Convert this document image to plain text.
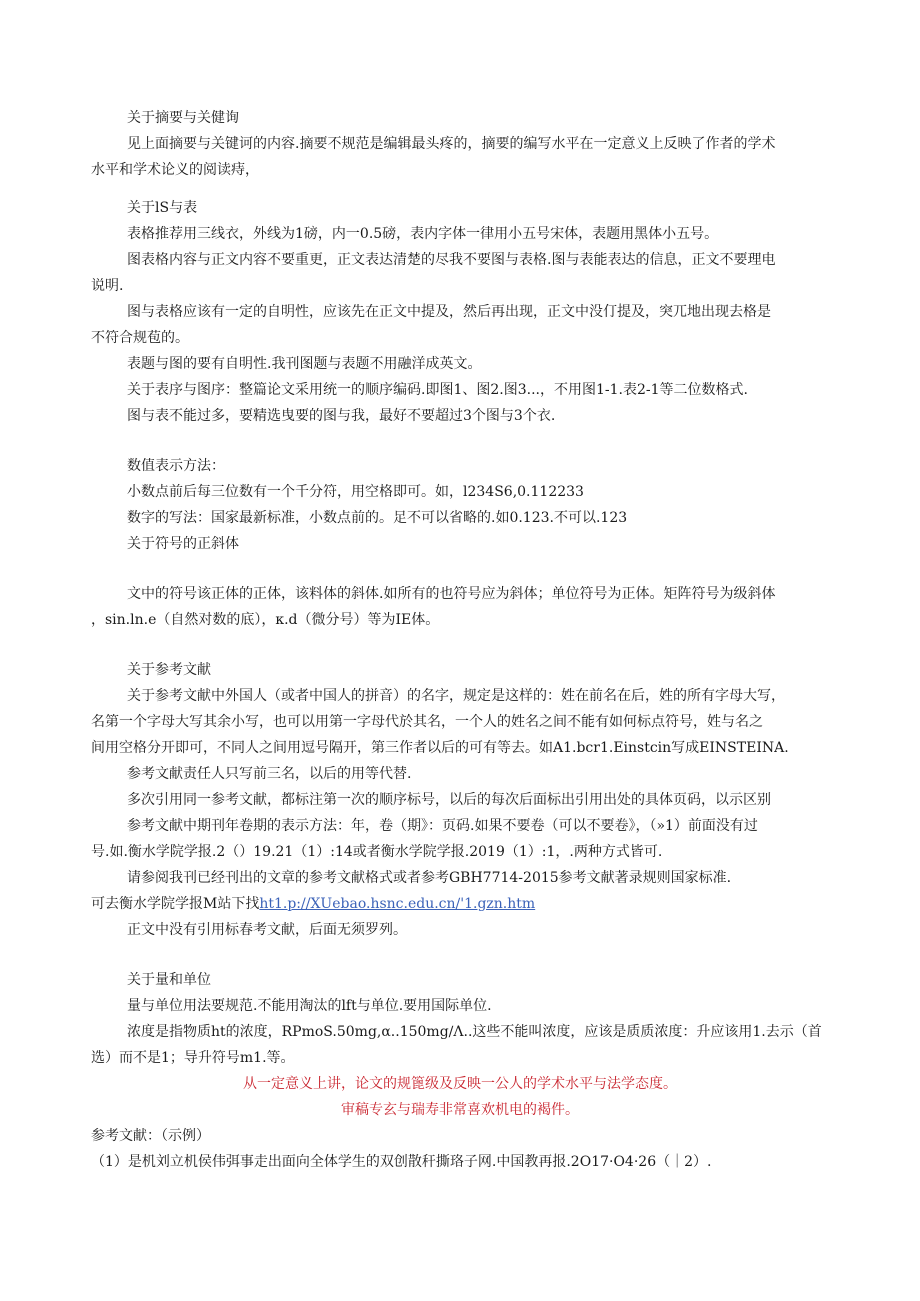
关于摘要与关健询
见上面摘要与关键诃的内容.摘要不规范是编辑最头疼的，摘要的编写水平在一定意义上反映了作者的学术
水平和学术论义的阅读痔，
关于lS与表
表格推荐用三线衣，外线为1磅，内一0.5磅，表内字体一律用小五号宋体，表题用黑体小五号。
图表格内容与正文内容不要重更，正文表达清楚的尽我不要图与表格.图与表能表达的信息，正文不要理电
说明.
图与表格应该有一定的自明性，应该先在正文中提及，然后再出现，正文中没仃提及，突兀地出现去格是
不符合规苞的。
表题与图的要有自明性.我刊图题与表题不用融洋成英文。
关于表序与图序：整篇论文采用统一的顺序编码.即图1、图2.图3...，不用图1-1.表2-1等二位数格式.
图与表不能过多，要精选曳要的图与我，最好不要超过3个图与3个衣.
数值表示方法：
小数点前后每三位数有一个千分符，用空格即可。如，l234S6,0.112233
数字的写法：国家最新标准，小数点前的。足不可以省略的.如0.123.不可以.123
关于符号的正斜体
文中的符号该正体的正体，该料体的斜体.如所有的也符号应为斜体；单位符号为正体。矩阵符号为级斜体
，sin.ln.e（自然对数的底），κ.d（微分号）等为IE体。
关于参考文献
关于参考文献中外国人（或者中国人的拼音）的名字，规定是这样的：姓在前名在后，姓的所有字母大写，
名第一个字母大写其余小写，也可以用第一字母代於其名，一个人的姓名之间不能有如何标点符号，姓与名之
间用空格分开即可，不同人之间用逗号隔开，第三作者以后的可有等去。如A1.bcr1.Einstcin写成EINSTEINA.
参考文献责任人只写前三名，以后的用等代替.
多次引用同一参考文献，都标注第一次的顺序标号，以后的每次后面标出引用出处的具体页码，以示区别
参考文献中期刊年卷期的表示方法：年，卷（期》：页码.如果不要卷（可以不要卷》，（»1）前面没有过
号.如.衡水学院学报.2（）19.21（1）:14或者衡水学院学报.2019（1）:1，.两种方式皆可.
请参阅我刊已经刊出的文章的参考文献格式或者参考GBH7714-2015参考文献著录规则国家标准.
可去衡水学院学报M站下找ht1.p://XUebao.hsnc.edu.cn∕'1.gzn.htm
正文中没有引用标春考文献，后面无须罗列。
关于量和单位
量与单位用法要规范.不能用淘汰的lft与单位.要用国际单位.
浓度是指物质ht的浓度，RPmoS.50mg,α..150mg∕Λ..这些不能叫浓度，应该是质质浓度：升应该用1.去示（首
选）而不是1；导升符号m1.等。
从一定意义上讲，论文的规篦级及反映一公人的学术水平与法学态度。
审稿专玄与瑞寿非常喜欢机电的褐件。
参考文献：（示例）
（1）是机刘立机侯伟弭事走出面向全体学生的双创散秆撕珞子网.中国教再报.2O17·O4·26（｜2）.
